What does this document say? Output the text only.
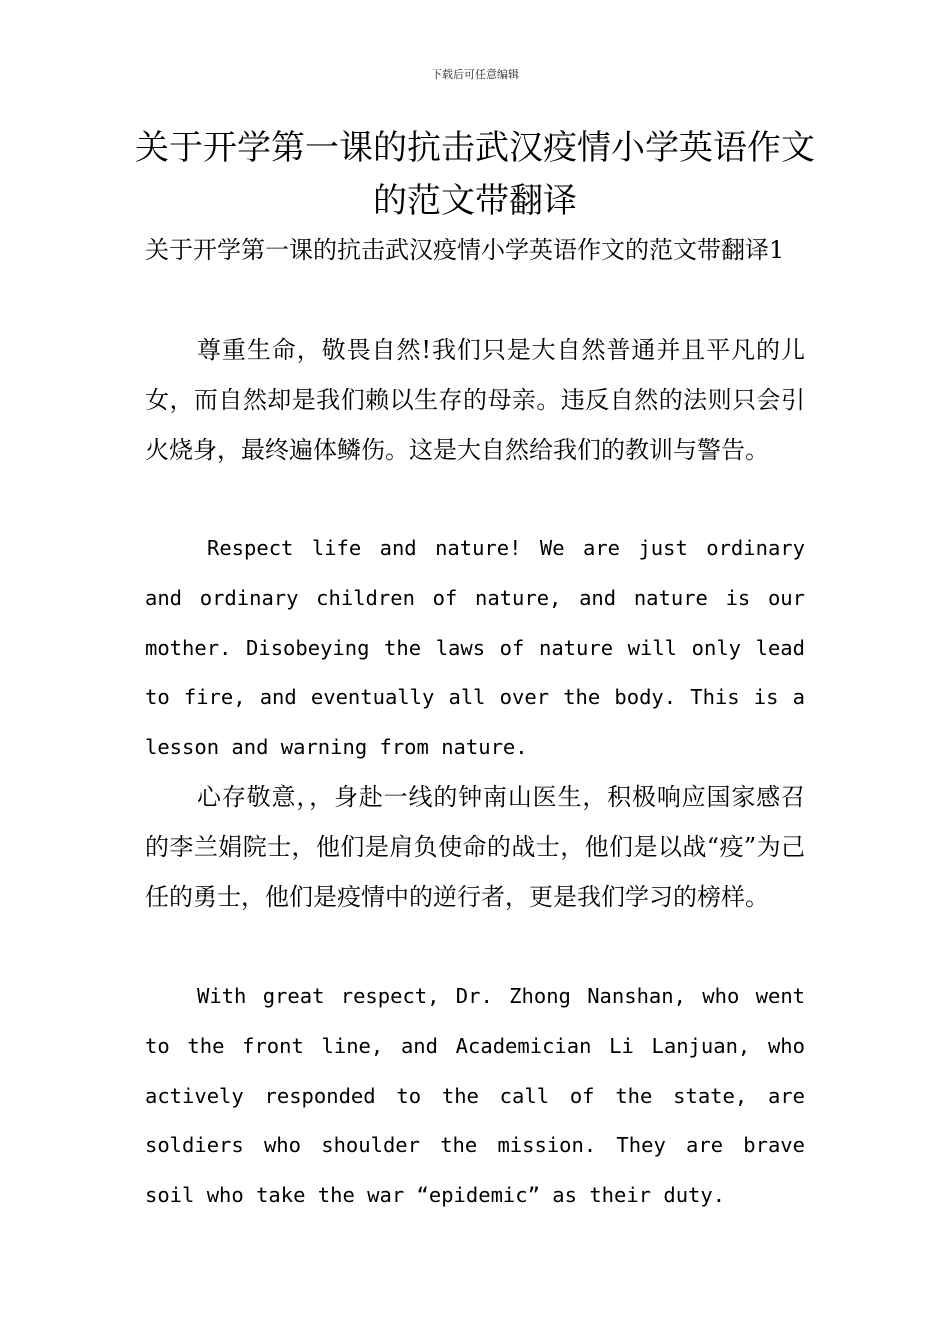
下载后可任意编辑
关于开学第一课的抗击武汉疫情小学英语作文的范文带翻译

关于开学第一课的抗击武汉疫情小学英语作文的范文带翻译1

尊重生命，敬畏自然!我们只是大自然普通并且平凡的儿女，而自然却是我们赖以生存的母亲。违反自然的法则只会引火烧身，最终遍体鳞伤。这是大自然给我们的教训与警告。

Respect life and nature! We are just ordinary and ordinary children of nature, and nature is our mother. Disobeying the laws of nature will only lead to fire, and eventually all over the body. This is a lesson and warning from nature.

心存敬意，，身赴一线的钟南山医生，积极响应国家感召的李兰娟院士，他们是肩负使命的战士，他们是以战“疫”为己任的勇士，他们是疫情中的逆行者，更是我们学习的榜样。

With great respect, Dr. Zhong Nanshan, who went to the front line, and Academician Li Lanjuan, who actively responded to the call of the state, are soldiers who shoulder the mission. They are brave soil who take the war “epidemic” as their duty.
